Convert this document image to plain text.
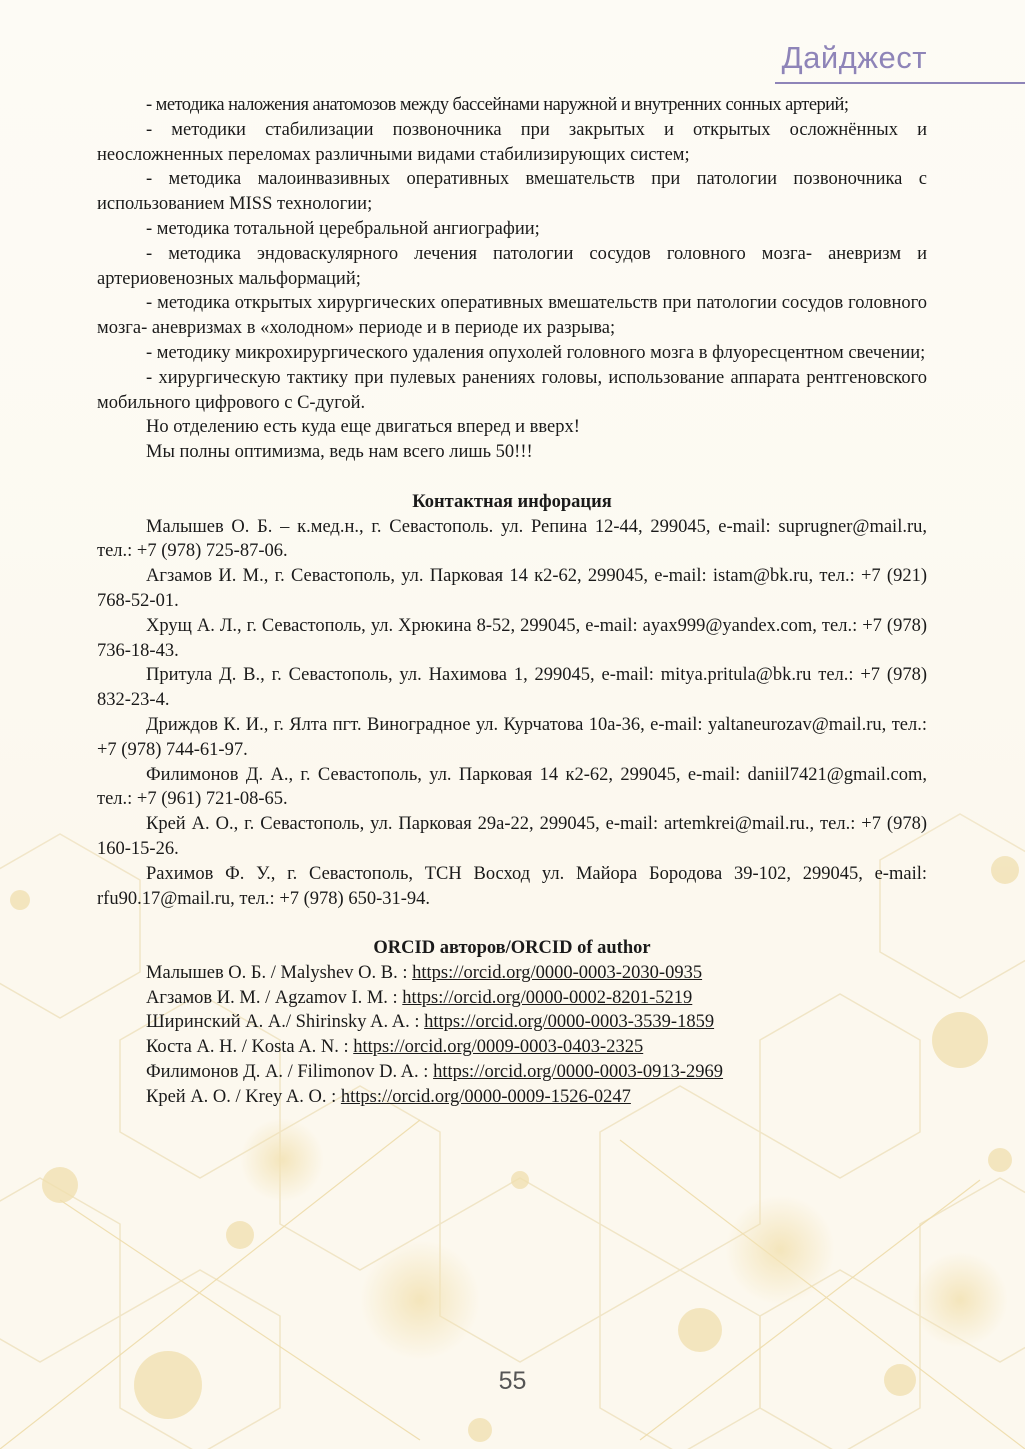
Дайджест

- методика наложения анатомозов между бассейнами наружной и внутренних сонных артерий;

- методики стабилизации позвоночника при закрытых и открытых осложнённых и неосложненных переломах различными видами стабилизирующих систем;

- методика малоинвазивных оперативных вмешательств при патологии позвоночника с использованием MISS технологии;

- методика тотальной церебральной ангиографии;

- методика эндоваскулярного лечения патологии сосудов головного мозга- аневризм и артериовенозных мальформаций;

- методика открытых хирургических оперативных вмешательств при патологии сосудов головного мозга- аневризмах в «холодном» периоде и в периоде их разрыва;

- методику микрохирургического удаления опухолей головного мозга в флуоресцентном свечении;

- хирургическую тактику при пулевых ранениях головы, использование аппарата рентгеновского мобильного цифрового с С-дугой.

Но отделению есть куда еще двигаться вперед и вверх!

Мы полны оптимизма, ведь нам всего лишь 50!!!

Контактная инфорация

Малышев О. Б. – к.мед.н., г. Севастополь. ул. Репина 12-44, 299045, e-mail: suprugner@mail.ru, тел.: +7 (978) 725-87-06.

Агзамов И. М., г. Севастополь, ул. Парковая 14 к2-62, 299045, e-mail: istam@bk.ru, тел.: +7 (921) 768-52-01.

Хрущ А. Л., г. Севастополь, ул. Хрюкина 8-52, 299045, e-mail: ayax999@yandex.com, тел.: +7 (978) 736-18-43.

Притула Д. В., г. Севастополь, ул. Нахимова 1, 299045, e-mail: mitya.pritula@bk.ru тел.: +7 (978) 832-23-4.

Дриждов К. И., г. Ялта пгт. Виноградное ул. Курчатова 10а-36, e-mail: yaltaneurozav@mail.ru, тел.: +7 (978) 744-61-97.

Филимонов Д. А., г. Севастополь, ул. Парковая 14 к2-62, 299045, e-mail: daniil7421@gmail.com, тел.: +7 (961) 721-08-65.

Крей А. О., г. Севастополь, ул. Парковая 29а-22, 299045, e-mail: artemkrei@mail.ru., тел.: +7 (978) 160-15-26.

Рахимов Ф. У., г. Севастополь, ТСН Восход ул. Майора Бородова 39-102, 299045, e-mail: rfu90.17@mail.ru, тел.: +7 (978) 650-31-94.

ORCID авторов/ORCID of author

Малышев О. Б. / Malyshev O. B. : https://orcid.org/0000-0003-2030-0935

Агзамов И. М. / Agzamov I. M. : https://orcid.org/0000-0002-8201-5219

Ширинский А. А./ Shirinsky A. A. : https://orcid.org/0000-0003-3539-1859

Коста А. Н. / Kosta A. N. : https://orcid.org/0009-0003-0403-2325

Филимонов Д. А. / Filimonov D. A. : https://orcid.org/0000-0003-0913-2969

Крей А. О. / Krey A. O. : https://orcid.org/0000-0009-1526-0247

55
